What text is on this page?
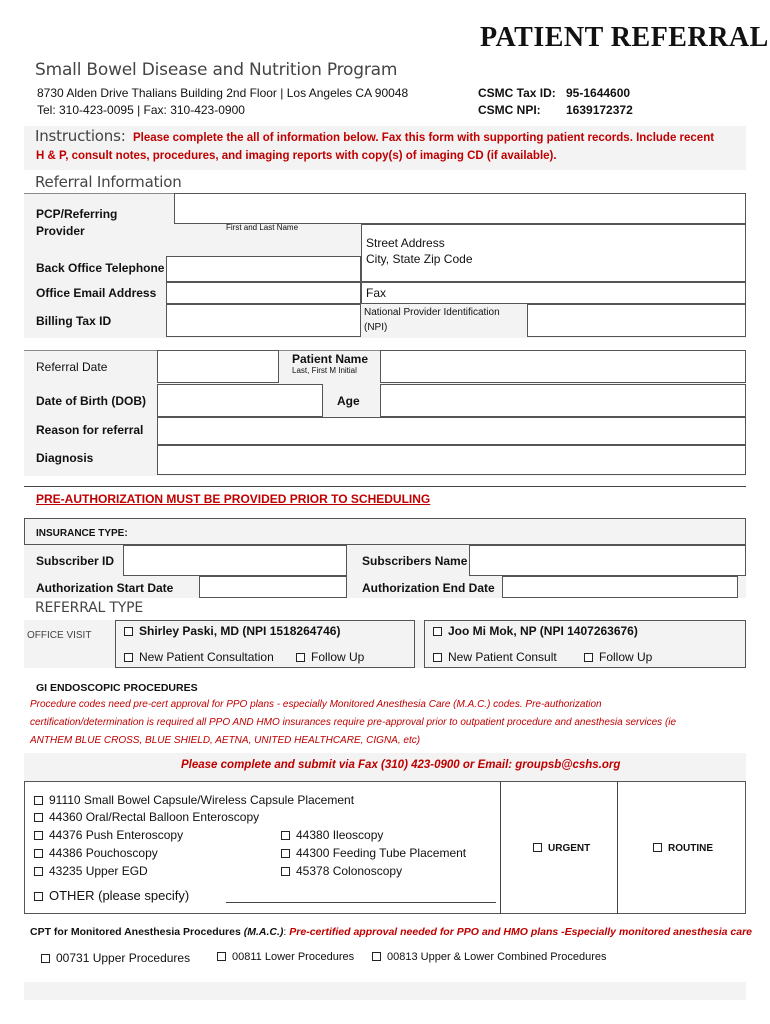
PATIENT REFERRAL
Small Bowel Disease and Nutrition Program
8730 Alden Drive Thalians Building 2nd Floor | Los Angeles CA 90048
Tel: 310-423-0095 | Fax: 310-423-0900
CSMC Tax ID: 95-1644600
CSMC NPI: 1639172372
Instructions: Please complete the all of information below. Fax this form with supporting patient records. Include recent
H & P, consult notes, procedures, and imaging reports with copy(s) of imaging CD (if available).
Referral Information
PCP/Referring
Provider	First and Last Name
Street Address
City, State Zip Code
Back Office Telephone
Office Email Address	Fax
Billing Tax ID
National Provider Identification
(NPI)
Referral Date
Patient Name
Last, First M Initial
Date of Birth (DOB)	Age
Reason for referral
Diagnosis
PRE-AUTHORIZATION MUST BE PROVIDED PRIOR TO SCHEDULING
INSURANCE TYPE:
Subscriber ID	Subscribers Name
Authorization Start Date	Authorization End Date
REFERRAL TYPE
OFFICE VISIT	Shirley Paski, MD (NPI 1518264746)	Joo Mi Mok, NP (NPI 1407263676)
New Patient Consultation	Follow Up	New Patient Consult	Follow Up
GI ENDOSCOPIC PROCEDURES
Procedure codes need pre-cert approval for PPO plans - especially Monitored Anesthesia Care (M.A.C.) codes. Pre-authorization
certification/determination is required all PPO AND HMO insurances require pre-approval prior to outpatient procedure and anesthesia services (ie
ANTHEM BLUE CROSS, BLUE SHIELD, AETNA, UNITED HEALTHCARE, CIGNA, etc)
Please complete and submit via Fax (310) 423-0900 or Email: groupsb@cshs.org
91110 Small Bowel Capsule/Wireless Capsule Placement
44360 Oral/Rectal Balloon Enteroscopy
44376 Push Enteroscopy
44386 Pouchoscopy
43235 Upper EGD
44380 Ileoscopy
44300 Feeding Tube Placement
45378 Colonoscopy
OTHER (please specify)
URGENT	ROUTINE
CPT for Monitored Anesthesia Procedures (M.A.C.): Pre-certified approval needed for PPO and HMO plans -Especially monitored anesthesia care
00731 Upper Procedures	00811 Lower Procedures	00813 Upper & Lower Combined Procedures
